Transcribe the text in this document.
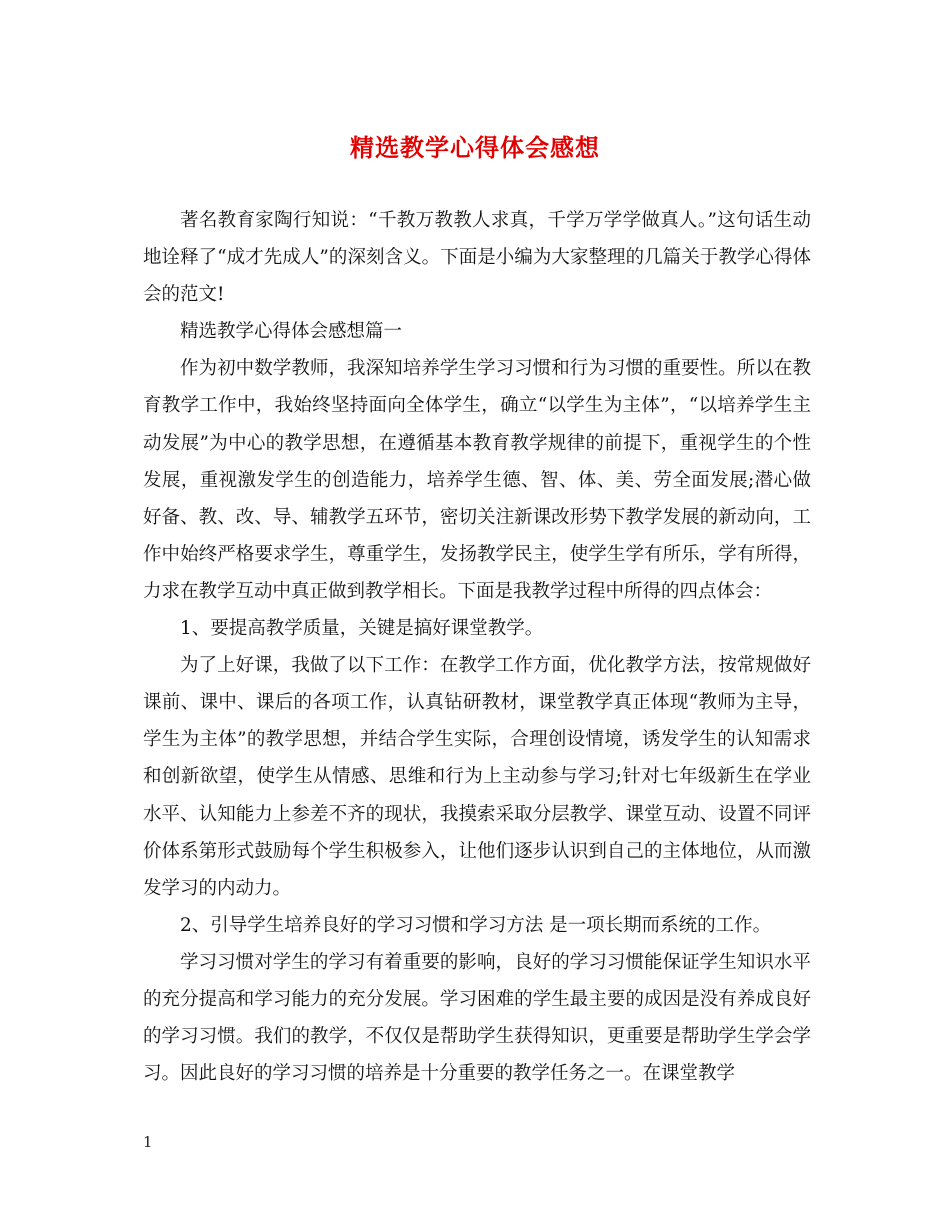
精选教学心得体会感想

著名教育家陶行知说：“千教万教教人求真，千学万学学做真人。”这句话生动地诠释了“成才先成人”的深刻含义。下面是小编为大家整理的几篇关于教学心得体会的范文!

精选教学心得体会感想篇一

作为初中数学教师，我深知培养学生学习习惯和行为习惯的重要性。所以在教育教学工作中，我始终坚持面向全体学生，确立“以学生为主体”，“以培养学生主动发展”为中心的教学思想，在遵循基本教育教学规律的前提下，重视学生的个性发展，重视激发学生的创造能力，培养学生德、智、体、美、劳全面发展;潜心做好备、教、改、导、辅教学五环节，密切关注新课改形势下教学发展的新动向，工作中始终严格要求学生，尊重学生，发扬教学民主，使学生学有所乐，学有所得，力求在教学互动中真正做到教学相长。下面是我教学过程中所得的四点体会：

1、要提高教学质量，关键是搞好课堂教学。

为了上好课，我做了以下工作：在教学工作方面，优化教学方法，按常规做好课前、课中、课后的各项工作，认真钻研教材，课堂教学真正体现“教师为主导，学生为主体”的教学思想，并结合学生实际，合理创设情境，诱发学生的认知需求和创新欲望，使学生从情感、思维和行为上主动参与学习;针对七年级新生在学业水平、认知能力上参差不齐的现状，我摸索采取分层教学、课堂互动、设置不同评价体系第形式鼓励每个学生积极参入，让他们逐步认识到自己的主体地位，从而激发学习的内动力。

2、引导学生培养良好的学习习惯和学习方法 是一项长期而系统的工作。

学习习惯对学生的学习有着重要的影响，良好的学习习惯能保证学生知识水平的充分提高和学习能力的充分发展。学习困难的学生最主要的成因是没有养成良好的学习习惯。我们的教学，不仅仅是帮助学生获得知识，更重要是帮助学生学会学习。因此良好的学习习惯的培养是十分重要的教学任务之一。在课堂教学

1
